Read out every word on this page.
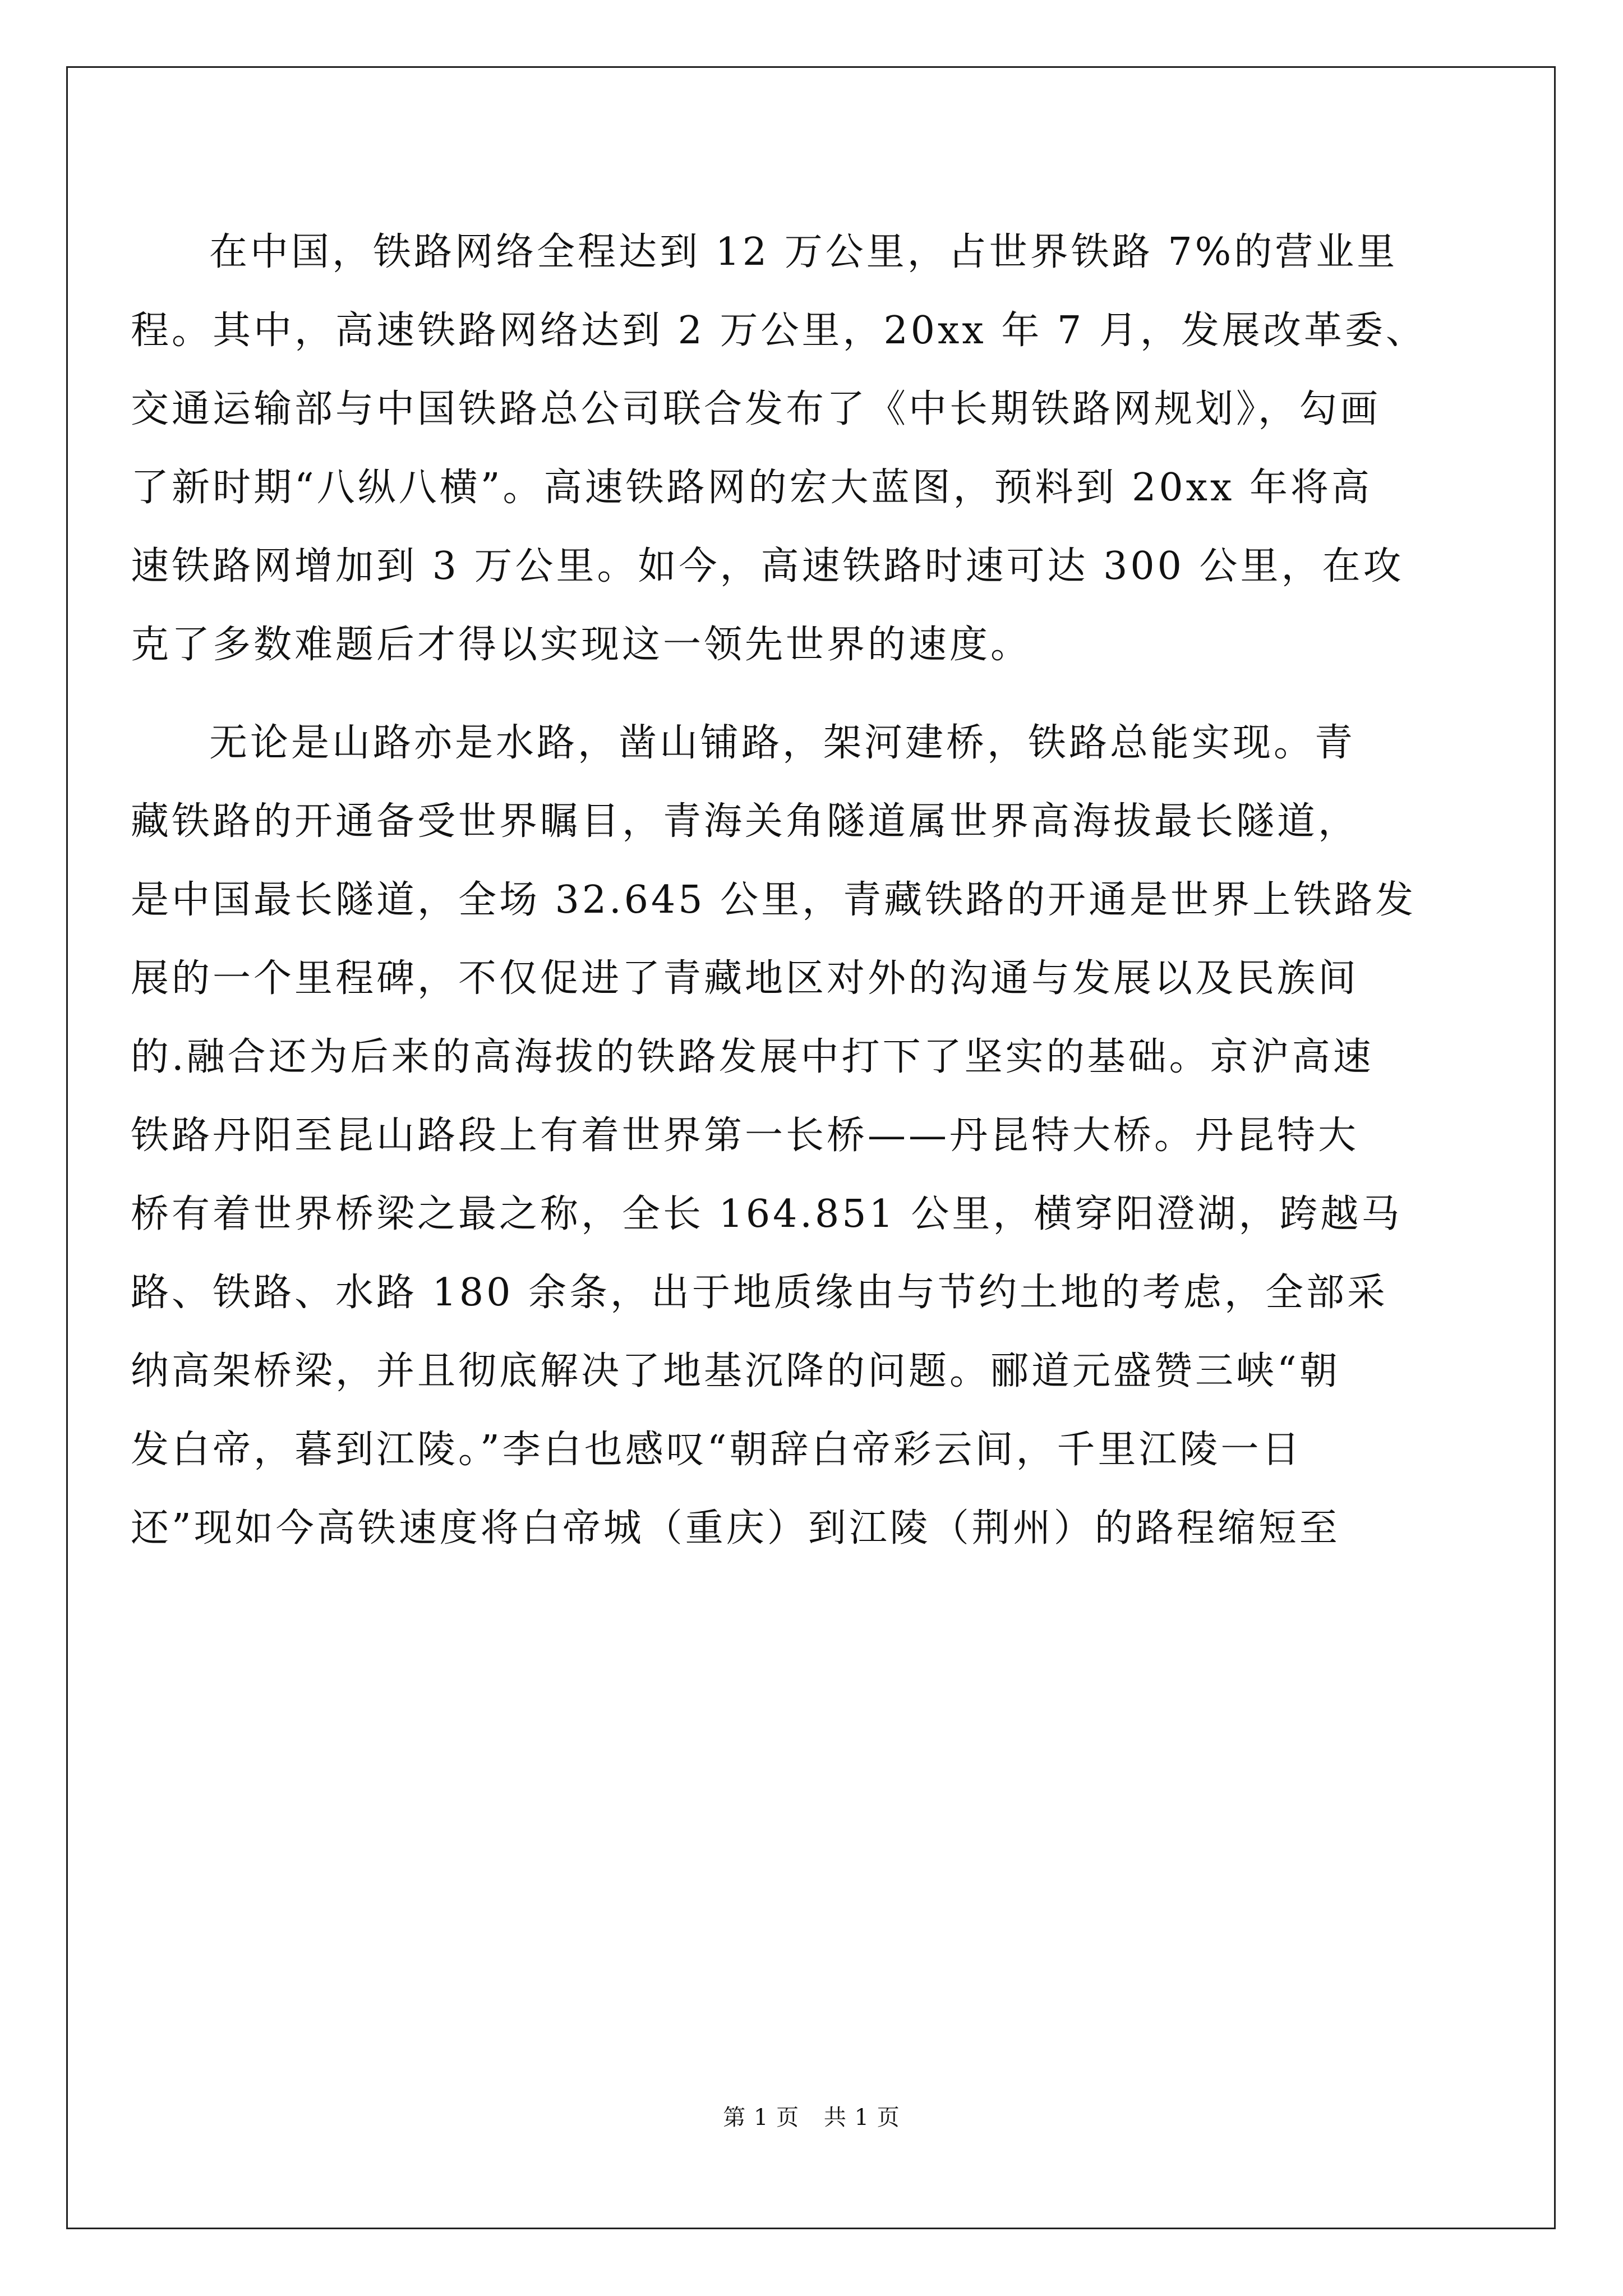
在中国，铁路网络全程达到 12 万公里，占世界铁路 7%的营业里
程。其中，高速铁路网络达到 2 万公里，20xx 年 7 月，发展改革委、
交通运输部与中国铁路总公司联合发布了《中长期铁路网规划》，勾画
了新时期“八纵八横”。高速铁路网的宏大蓝图，预料到 20xx 年将高
速铁路网增加到 3 万公里。如今，高速铁路时速可达 300 公里，在攻
克了多数难题后才得以实现这一领先世界的速度。
无论是山路亦是水路，凿山铺路，架河建桥，铁路总能实现。青
藏铁路的开通备受世界瞩目，青海关角隧道属世界高海拔最长隧道，
是中国最长隧道，全场 32.645 公里，青藏铁路的开通是世界上铁路发
展的一个里程碑，不仅促进了青藏地区对外的沟通与发展以及民族间
的.融合还为后来的高海拔的铁路发展中打下了坚实的基础。京沪高速
铁路丹阳至昆山路段上有着世界第一长桥——丹昆特大桥。丹昆特大
桥有着世界桥梁之最之称，全长 164.851 公里，横穿阳澄湖，跨越马
路、铁路、水路 180 余条，出于地质缘由与节约土地的考虑，全部采
纳高架桥梁，并且彻底解决了地基沉降的问题。郦道元盛赞三峡“朝
发白帝，暮到江陵。”李白也感叹“朝辞白帝彩云间，千里江陵一日
还”现如今高铁速度将白帝城（重庆）到江陵（荆州）的路程缩短至
第 1 页 共 1 页
